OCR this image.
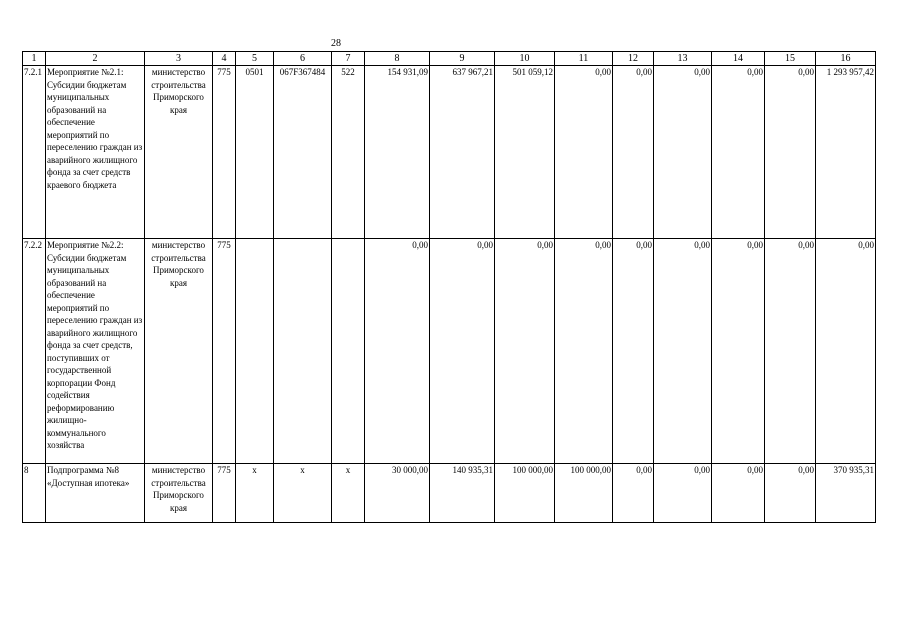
28
1	2	3	4	5	6	7	8	9	10	11	12	13	14	15	16
7.2.1	Мероприятие №2.1: Субсидии бюджетам муниципальных образований на обеспечение мероприятий по переселению граждан из аварийного жилищного фонда за счет средств краевого бюджета	министерство строительства Приморского края	775	0501	067F367484	522	154 931,09	637 967,21	501 059,12	0,00	0,00	0,00	0,00	0,00	1 293 957,42
7.2.2	Мероприятие №2.2: Субсидии бюджетам муниципальных образований на обеспечение мероприятий по переселению граждан из аварийного жилищного фонда за счет средств, поступивших от государственной корпорации Фонд содействия реформированию жилищно-коммунального хозяйства	министерство строительства Приморского края	775				0,00	0,00	0,00	0,00	0,00	0,00	0,00	0,00	0,00
8	Подпрограмма №8 «Доступная ипотека»	министерство строительства Приморского края	775	х	х	х	30 000,00	140 935,31	100 000,00	100 000,00	0,00	0,00	0,00	0,00	370 935,31
